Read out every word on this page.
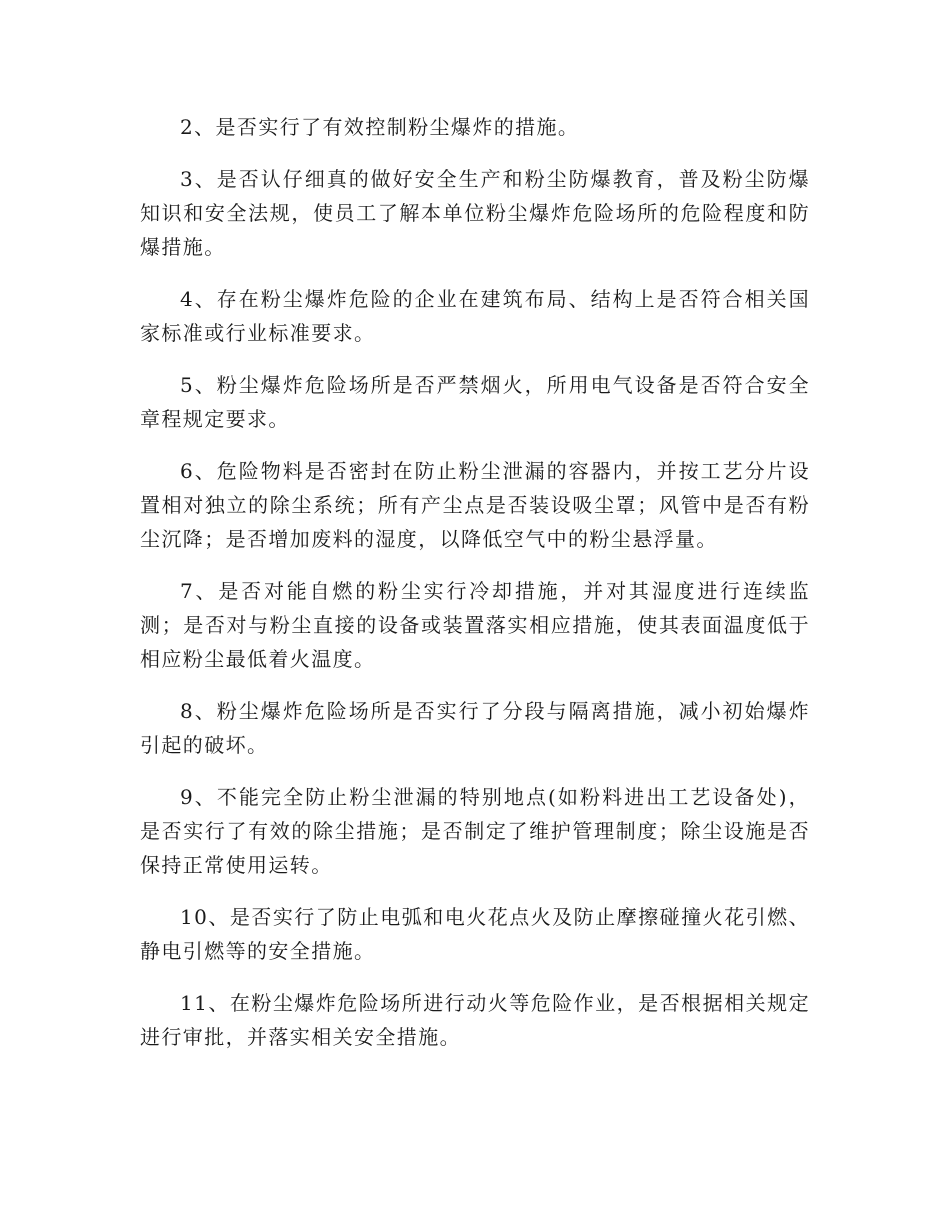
2、是否实行了有效控制粉尘爆炸的措施。

3、是否认仔细真的做好安全生产和粉尘防爆教育，普及粉尘防爆知识和安全法规，使员工了解本单位粉尘爆炸危险场所的危险程度和防爆措施。

4、存在粉尘爆炸危险的企业在建筑布局、结构上是否符合相关国家标准或行业标准要求。

5、粉尘爆炸危险场所是否严禁烟火，所用电气设备是否符合安全章程规定要求。

6、危险物料是否密封在防止粉尘泄漏的容器内，并按工艺分片设置相对独立的除尘系统；所有产尘点是否装设吸尘罩；风管中是否有粉尘沉降；是否增加废料的湿度，以降低空气中的粉尘悬浮量。

7、是否对能自燃的粉尘实行冷却措施，并对其湿度进行连续监测；是否对与粉尘直接的设备或装置落实相应措施，使其表面温度低于相应粉尘最低着火温度。

8、粉尘爆炸危险场所是否实行了分段与隔离措施，减小初始爆炸引起的破坏。

9、不能完全防止粉尘泄漏的特别地点(如粉料进出工艺设备处)，是否实行了有效的除尘措施；是否制定了维护管理制度；除尘设施是否保持正常使用运转。

10、是否实行了防止电弧和电火花点火及防止摩擦碰撞火花引燃、静电引燃等的安全措施。

11、在粉尘爆炸危险场所进行动火等危险作业，是否根据相关规定进行审批，并落实相关安全措施。
